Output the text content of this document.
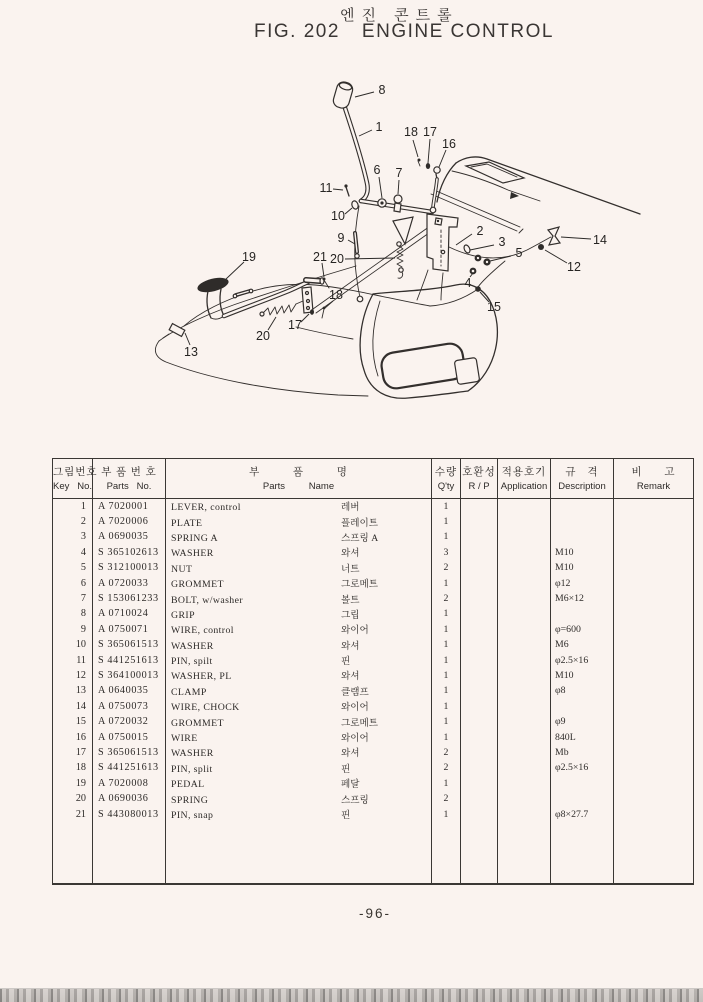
엔진 콘트롤
FIG. 202 ENGINE CONTROL
8
1 18 17
16
11
10
6 7
9
21 20
19
2
3
5
4
14
12
15
13
17
18
20
그림번호
Key   No.

부 품 번 호
Parts   No.

부         품         명
Parts         Name

수량
Q'ty

호환성
R / P

적용호기
Application

규   격
Description

비      고
Remark

1	A 7020001	LEVER, control 레버	1				
2	A 7020006	PLATE 플레이트	1				
3	A 0690035	SPRING A 스프링 A	1				
4	S 365102613	WASHER 와셔	3			M10	
5	S 312100013	NUT 너트	2			M10	
6	A 0720033	GROMMET 그로메트	1			φ12	
7	S 153061233	BOLT, w/washer 볼트	2			M6×12	
8	A 0710024	GRIP 그립	1				
9	A 0750071	WIRE, control 와이어	1			φ=600	
10	S 365061513	WASHER 와셔	1			M6	
11	S 441251613	PIN, spilt 핀	1			φ2.5×16	
12	S 364100013	WASHER, PL 와셔	1			M10	
13	A 0640035	CLAMP 클램프	1			φ8	
14	A 0750073	WIRE, CHOCK 와이어	1				
15	A 0720032	GROMMET 그로메트	1			φ9	
16	A 0750015	WIRE 와이어	1			840L	
17	S 365061513	WASHER 와셔	2			Mb	
18	S 441251613	PIN, split 핀	2			φ2.5×16	
19	A 7020008	PEDAL 페달	1				
20	A 0690036	SPRING 스프링	2				
21	S 443080013	PIN, snap 핀	1			φ8×27.7	

-96-
